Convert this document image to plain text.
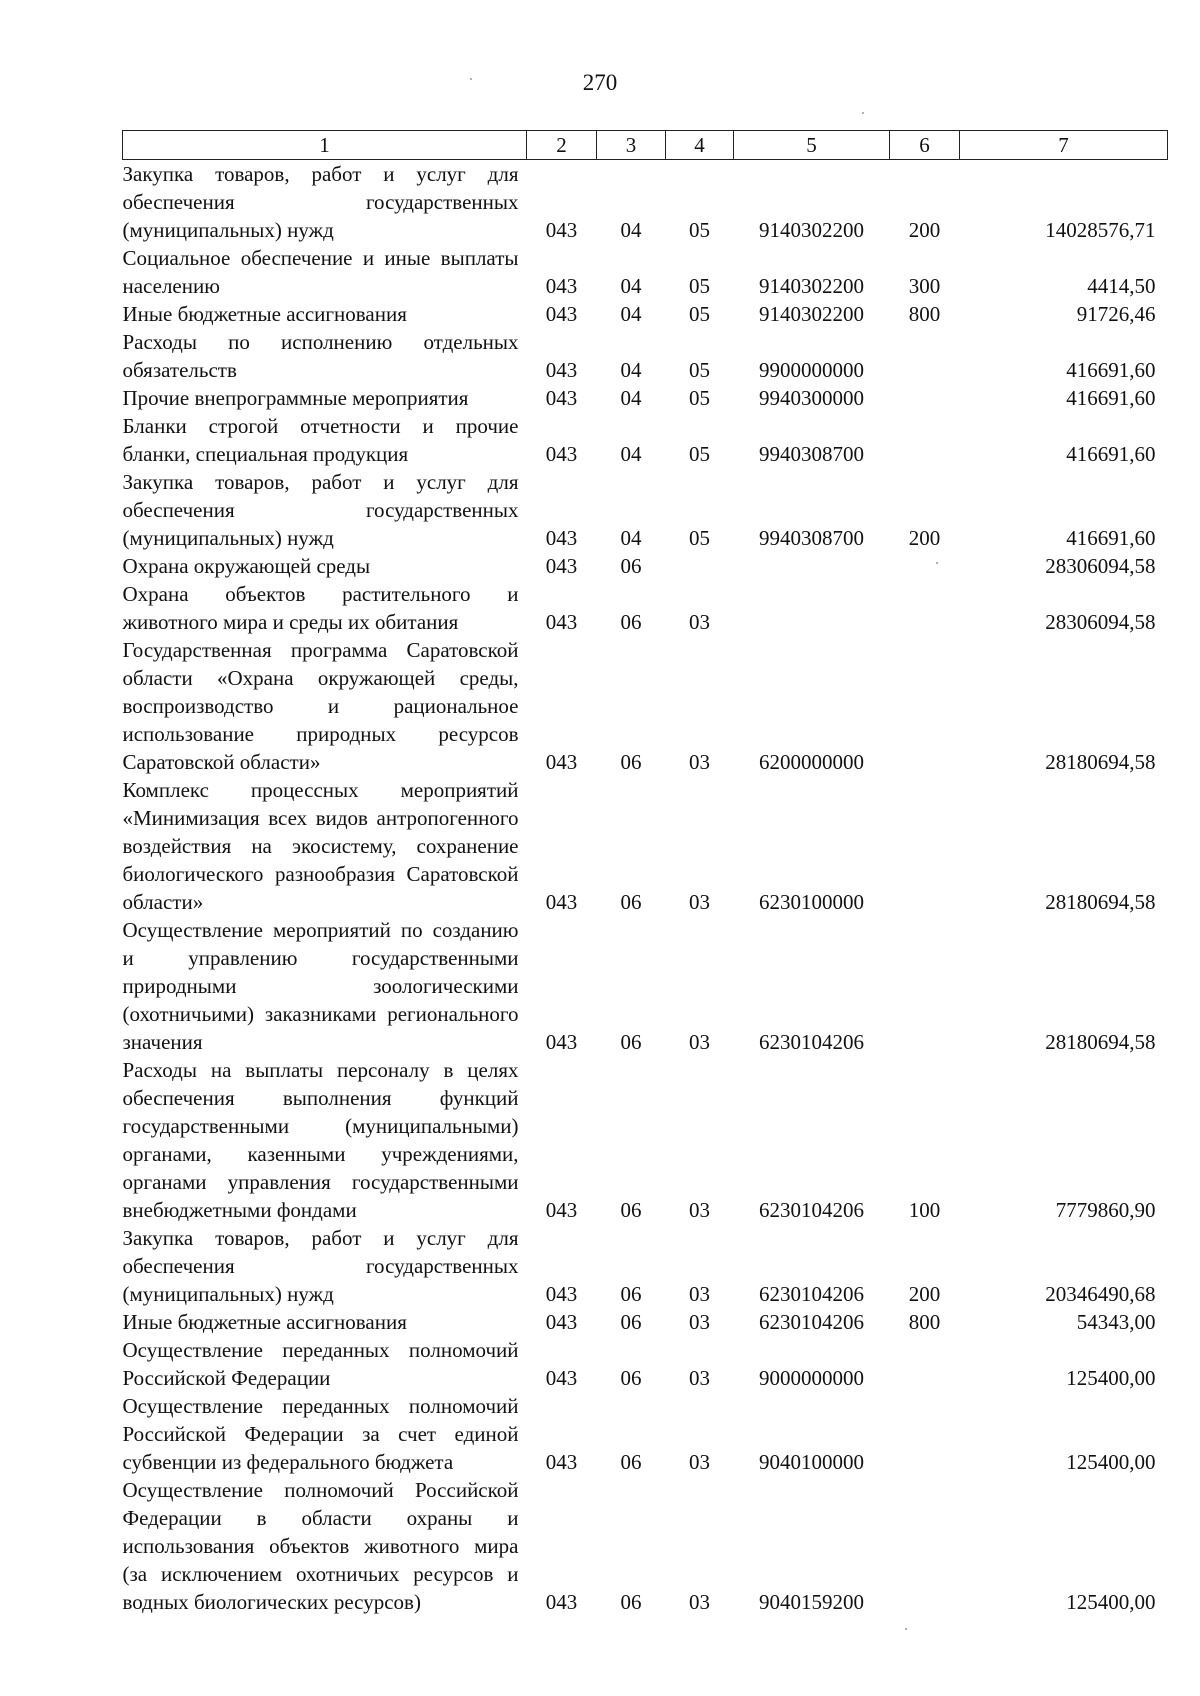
270
1	2	3	4	5	6	7
Закупка товаров, работ и услуг для обеспечения государственных (муниципальных) нужд	043	04	05	9140302200	200	14028576,71
Социальное обеспечение и иные выплаты населению	043	04	05	9140302200	300	4414,50
Иные бюджетные ассигнования	043	04	05	9140302200	800	91726,46
Расходы по исполнению отдельных обязательств	043	04	05	9900000000		416691,60
Прочие внепрограммные мероприятия	043	04	05	9940300000		416691,60
Бланки строгой отчетности и прочие бланки, специальная продукция	043	04	05	9940308700		416691,60
Закупка товаров, работ и услуг для обеспечения государственных (муниципальных) нужд	043	04	05	9940308700	200	416691,60
Охрана окружающей среды	043	06				28306094,58
Охрана объектов растительного и животного мира и среды их обитания	043	06	03			28306094,58
Государственная программа Саратовской области «Охрана окружающей среды, воспроизводство и рациональное использование природных ресурсов Саратовской области»	043	06	03	6200000000		28180694,58
Комплекс процессных мероприятий «Минимизация всех видов антропогенного воздействия на экосистему, сохранение биологического разнообразия Саратовской области»	043	06	03	6230100000		28180694,58
Осуществление мероприятий по созданию и управлению государственными природными зоологическими (охотничьими) заказниками регионального значения	043	06	03	6230104206		28180694,58
Расходы на выплаты персоналу в целях обеспечения выполнения функций государственными (муниципальными) органами, казенными учреждениями, органами управления государственными внебюджетными фондами	043	06	03	6230104206	100	7779860,90
Закупка товаров, работ и услуг для обеспечения государственных (муниципальных) нужд	043	06	03	6230104206	200	20346490,68
Иные бюджетные ассигнования	043	06	03	6230104206	800	54343,00
Осуществление переданных полномочий Российской Федерации	043	06	03	9000000000		125400,00
Осуществление переданных полномочий Российской Федерации за счет единой субвенции из федерального бюджета	043	06	03	9040100000		125400,00
Осуществление полномочий Российской Федерации в области охраны и использования объектов животного мира (за исключением охотничьих ресурсов и водных биологических ресурсов)	043	06	03	9040159200		125400,00
